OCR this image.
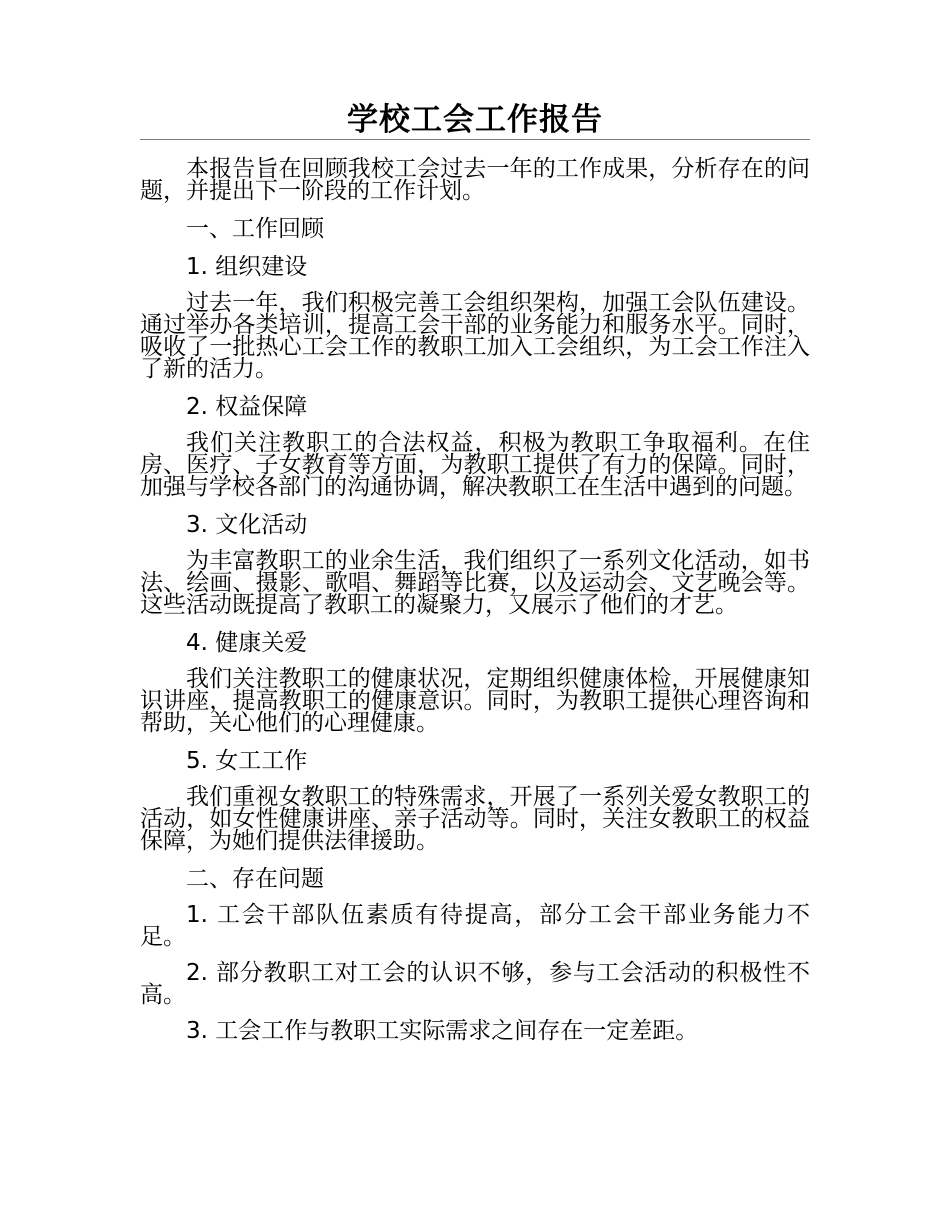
学校工会工作报告

本报告旨在回顾我校工会过去一年的工作成果，分析存在的问题，并提出下一阶段的工作计划。

一、工作回顾

1. 组织建设

过去一年，我们积极完善工会组织架构，加强工会队伍建设。通过举办各类培训，提高工会干部的业务能力和服务水平。同时，吸收了一批热心工会工作的教职工加入工会组织，为工会工作注入了新的活力。

2. 权益保障

我们关注教职工的合法权益，积极为教职工争取福利。在住房、医疗、子女教育等方面，为教职工提供了有力的保障。同时，加强与学校各部门的沟通协调，解决教职工在生活中遇到的问题。

3. 文化活动

为丰富教职工的业余生活，我们组织了一系列文化活动，如书法、绘画、摄影、歌唱、舞蹈等比赛，以及运动会、文艺晚会等。这些活动既提高了教职工的凝聚力，又展示了他们的才艺。

4. 健康关爱

我们关注教职工的健康状况，定期组织健康体检，开展健康知识讲座，提高教职工的健康意识。同时，为教职工提供心理咨询和帮助，关心他们的心理健康。

5. 女工工作

我们重视女教职工的特殊需求，开展了一系列关爱女教职工的活动，如女性健康讲座、亲子活动等。同时，关注女教职工的权益保障，为她们提供法律援助。

二、存在问题

1. 工会干部队伍素质有待提高，部分工会干部业务能力不足。

2. 部分教职工对工会的认识不够，参与工会活动的积极性不高。

3. 工会工作与教职工实际需求之间存在一定差距。
